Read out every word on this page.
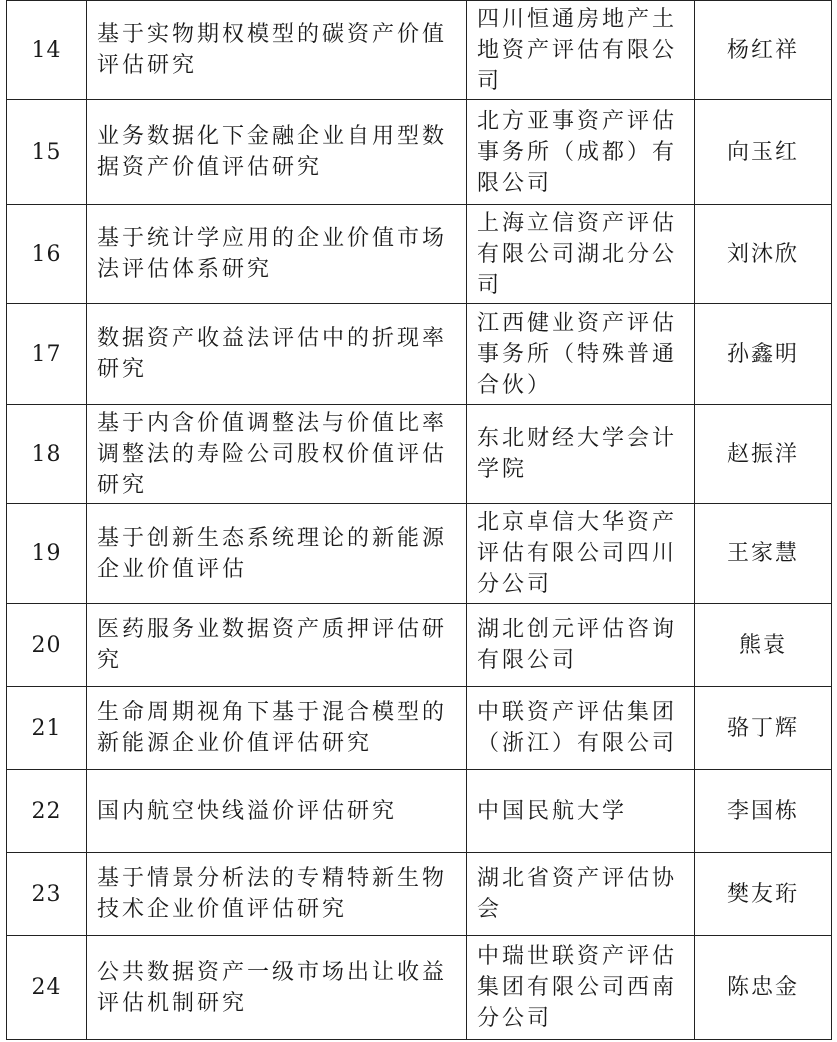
14	基于实物期权模型的碳资产价值评估研究	四川恒通房地产土地资产评估有限公司	杨红祥
15	业务数据化下金融企业自用型数据资产价值评估研究	北方亚事资产评估事务所（成都）有限公司	向玉红
16	基于统计学应用的企业价值市场法评估体系研究	上海立信资产评估有限公司湖北分公司	刘沐欣
17	数据资产收益法评估中的折现率研究	江西健业资产评估事务所（特殊普通合伙）	孙鑫明
18	基于内含价值调整法与价值比率调整法的寿险公司股权价值评估研究	东北财经大学会计学院	赵振洋
19	基于创新生态系统理论的新能源企业价值评估	北京卓信大华资产评估有限公司四川分公司	王家慧
20	医药服务业数据资产质押评估研究	湖北创元评估咨询有限公司	熊袁
21	生命周期视角下基于混合模型的新能源企业价值评估研究	中联资产评估集团（浙江）有限公司	骆丁辉
22	国内航空快线溢价评估研究	中国民航大学	李国栋
23	基于情景分析法的专精特新生物技术企业价值评估研究	湖北省资产评估协会	樊友珩
24	公共数据资产一级市场出让收益评估机制研究	中瑞世联资产评估集团有限公司西南分公司	陈忠金
